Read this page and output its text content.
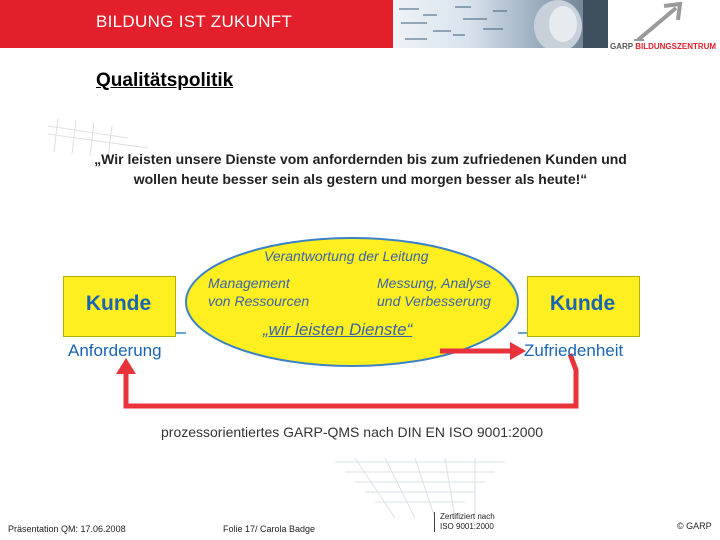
BILDUNG IST ZUKUNFT
GARP BILDUNGSZENTRUM
Qualitätspolitik
„Wir leisten unsere Dienste vom anfordernden bis zum zufriedenen Kunden und
wollen heute besser sein als gestern und morgen besser als heute!“
Kunde	Kunde
Anforderung	Zufriedenheit
Verantwortung der Leitung
Management
von Ressourcen
Messung, Analyse
und Verbesserung
„wir leisten Dienste“
prozessorientiertes GARP-QMS nach DIN EN ISO 9001:2000
Präsentation QM: 17.06.2008	Folie 17/ Carola Badge
Zertifiziert nach
ISO 9001:2000	© GARP
